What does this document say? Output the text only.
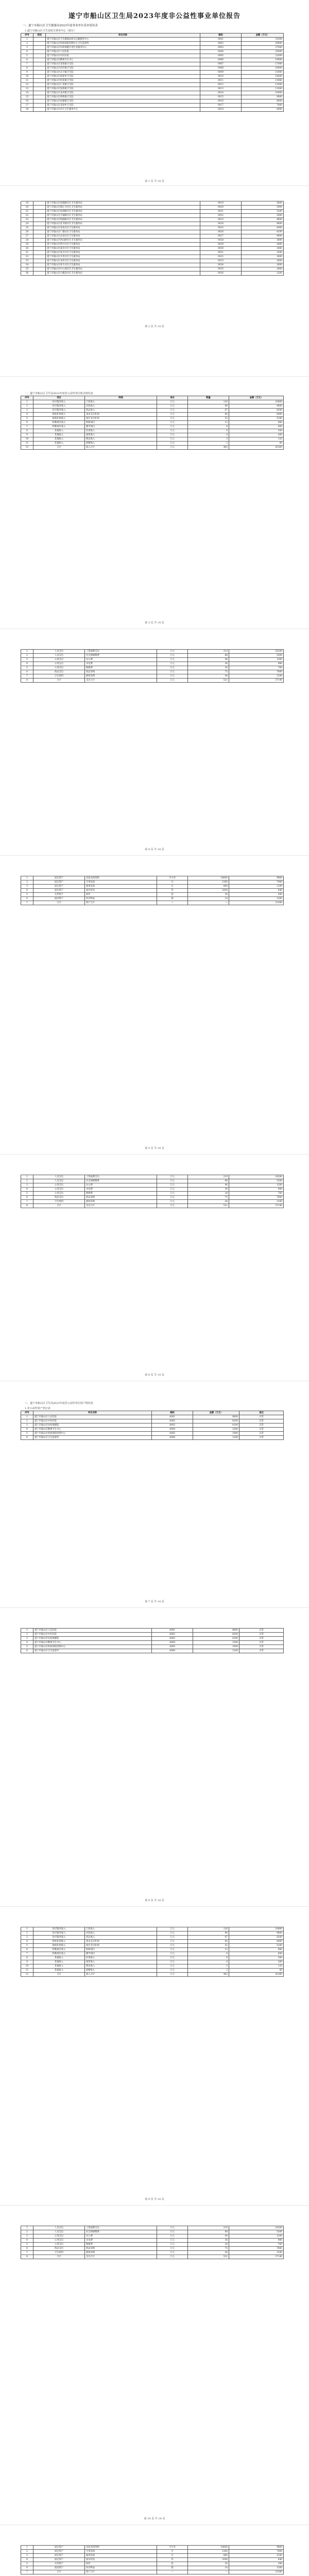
遂宁市船山区卫生局2023年度非公益性事业单位报告
一、遂宁市船山区卫生健康局2023年度事业单位基本情况表
1.遂宁市船山区卫生局机关事务中心（部分）
序号	类别	单位名称	编码	金额（万元）
1		遂宁市船山区卫生健康局机关后勤服务中心	0001	31000
2		遂宁市船山区疾病预防控制中心卫生监督所	0002	29000
3		遂宁市船山区妇幼保健计划生育服务中心	0003	27000
4		遂宁市船山区人民医院	0004	25000
5		遂宁市船山区中医医院	0005	21000
6		遂宁市船山区精神卫生中心	0006	19000
7		遂宁市船山区老池镇卫生院	0007	17000
8		遂宁市船山区河沙镇卫生院	0008	16000
9		遂宁市船山区永兴镇卫生院	0009	15000
10		遂宁市船山区唐家乡卫生院	0010	14000
11		遂宁市船山区桂花镇卫生院	0011	13000
12		遂宁市船山区仁里镇卫生院	0012	12000
13		遂宁市船山区复桥镇卫生院	0013	11000
14		遂宁市船山区龙凤镇卫生院	0014	10000
15		遂宁市船山区新桥镇卫生院	0015	9000
16		遂宁市船山区南强镇卫生院	0016	8000
17		遂宁市船山区北固乡卫生院	0017	7000
18		遂宁市船山区社区卫生服务中心	0018	6000
第 1 页 共 14 页
19		遂宁市船山区富源路社区卫生服务站	0019	5600
20		遂宁市船山区镇江寺社区卫生服务站	0020	5400
21		遂宁市船山区南津路社区卫生服务站	0021	5200
22		遂宁市船山区介福路社区卫生服务站	0022	5000
23		遂宁市船山区凯旋路社区卫生服务站	0023	4800
24		遂宁市船山区育才路社区卫生服务站	0024	4600
25		遂宁市船山区金鱼社区卫生服务站	0025	4400
26		遂宁市船山区广德社区卫生服务站	0026	4200
27		遂宁市船山区灵泉社区卫生服务站	0027	4000
28		遂宁市船山区西山路社区卫生服务站	0028	3800
29		遂宁市船山区明月社区卫生服务站	0029	3600
30		遂宁市船山区嘉禾社区卫生服务站	0030	3400
31		遂宁市船山区高升社区卫生服务站	0031	3200
32		遂宁市船山区开善社区卫生服务站	0032	3000
33		遂宁市船山区龙坪社区卫生服务站	0033	2800
34		遂宁市船山区犀牛社区卫生服务站	0034	2600
35		遂宁市船山区中心场社区卫生服务站	0035	2400
36		遂宁市船山区石溪浩社区卫生服务站	0036	2200
第 2 页 共 14 页
二、遂宁市船山区卫生局2023年度非公益性单位收支情况表
序号	项目	明细	单位	数量	金额（万元）
1	医疗服务收入	门诊收入	万元	126	10800
2	医疗服务收入	住院收入	万元	98	9600
3	医疗服务收入	药品收入	万元	87	8200
4	财政补助收入	基本支出补助	万元	64	6400
5	财政补助收入	项目支出补助	万元	52	5100
6	科教项目收入	科研项目	万元	12	900
7	科教项目收入	教学项目	万元	8	600
8	其他收入	培训收入	万元	6	300
9	其他收入	租赁收入	万元	4	260
10	其他收入	利息收入	万元	3	120
11	其他收入	捐赠收入	万元	2	80
12	合计	收入合计	万元	462	42360
第 3 页 共 14 页
1	人员支出	工资福利支出	万元	210	18200
2	人员支出	社会保障缴费	万元	88	5300
3	公用支出	办公费	万元	40	1200
4	公用支出	水电费	万元	36	980
5	公用支出	维修费	万元	28	760
6	药品支出	药品采购	万元	75	7600
7	卫生材料	耗材采购	万元	44	3100
8	合计	支出合计	万元	521	37140
第 4 页 共 14 页
1	固定资产	房屋及构筑物	平方米	18600	9800
2	固定资产	专用设备	台	1260	7400
3	固定资产	通用设备	台	860	2100
4	固定资产	家具用具	件	3200	640
5	无形资产	软件	套	26	380
6	流动资产	库存物品	批	14	1260
7	合计	资产合计	—	—	21580
第 5 页 共 14 页
1	人员支出	工资福利支出	万元	210	18200
2	人员支出	社会保障缴费	万元	88	5300
3	公用支出	办公费	万元	40	1200
4	公用支出	水电费	万元	36	980
5	公用支出	维修费	万元	28	760
6	药品支出	药品采购	万元	75	7600
7	卫生材料	耗材采购	万元	44	3100
8	合计	支出合计	万元	521	37140
第 6 页 共 14 页
三、遂宁市船山区卫生局2023年度非公益性单位资产情况表
1.非公益性资产登记表
序号	单位名称	编码	金额（万元）	备注
1	遂宁市船山区人民医院	A001	8600	正常
2	遂宁市船山区中医医院	A002	6200	正常
3	遂宁市船山区妇幼保健院	A003	4100	正常
4	遂宁市船山区精神卫生中心	A004	2300	正常
5	遂宁市船山区疾病预防控制中心	A005	1900	正常
6	遂宁市船山区卫生监督所	A006	1200	正常
第 7 页 共 14 页
1	遂宁市船山区人民医院	A001	8600	正常
2	遂宁市船山区中医医院	A002	6200	正常
3	遂宁市船山区妇幼保健院	A003	4100	正常
4	遂宁市船山区精神卫生中心	A004	2300	正常
5	遂宁市船山区疾病预防控制中心	A005	1900	正常
6	遂宁市船山区卫生监督所	A006	1200	正常
第 8 页 共 14 页
1	医疗服务收入	门诊收入	万元	126	10800
2	医疗服务收入	住院收入	万元	98	9600
3	医疗服务收入	药品收入	万元	87	8200
4	财政补助收入	基本支出补助	万元	64	6400
5	财政补助收入	项目支出补助	万元	52	5100
6	科教项目收入	科研项目	万元	12	900
7	科教项目收入	教学项目	万元	8	600
8	其他收入	培训收入	万元	6	300
9	其他收入	租赁收入	万元	4	260
10	其他收入	利息收入	万元	3	120
11	其他收入	捐赠收入	万元	2	80
12	合计	收入合计	万元	462	42360
第 9 页 共 14 页
1	人员支出	工资福利支出	万元	210	18200
2	人员支出	社会保障缴费	万元	88	5300
3	公用支出	办公费	万元	40	1200
4	公用支出	水电费	万元	36	980
5	公用支出	维修费	万元	28	760
6	药品支出	药品采购	万元	75	7600
7	卫生材料	耗材采购	万元	44	3100
8	合计	支出合计	万元	521	37140
第 10 页 共 14 页
1	固定资产	房屋及构筑物	平方米	18600	9800
2	固定资产	专用设备	台	1260	7400
3	固定资产	通用设备	台	860	2100
4	固定资产	家具用具	件	3200	640
5	无形资产	软件	套	26	380
6	流动资产	库存物品	批	14	1260
7	合计	资产合计	—	—	21580
